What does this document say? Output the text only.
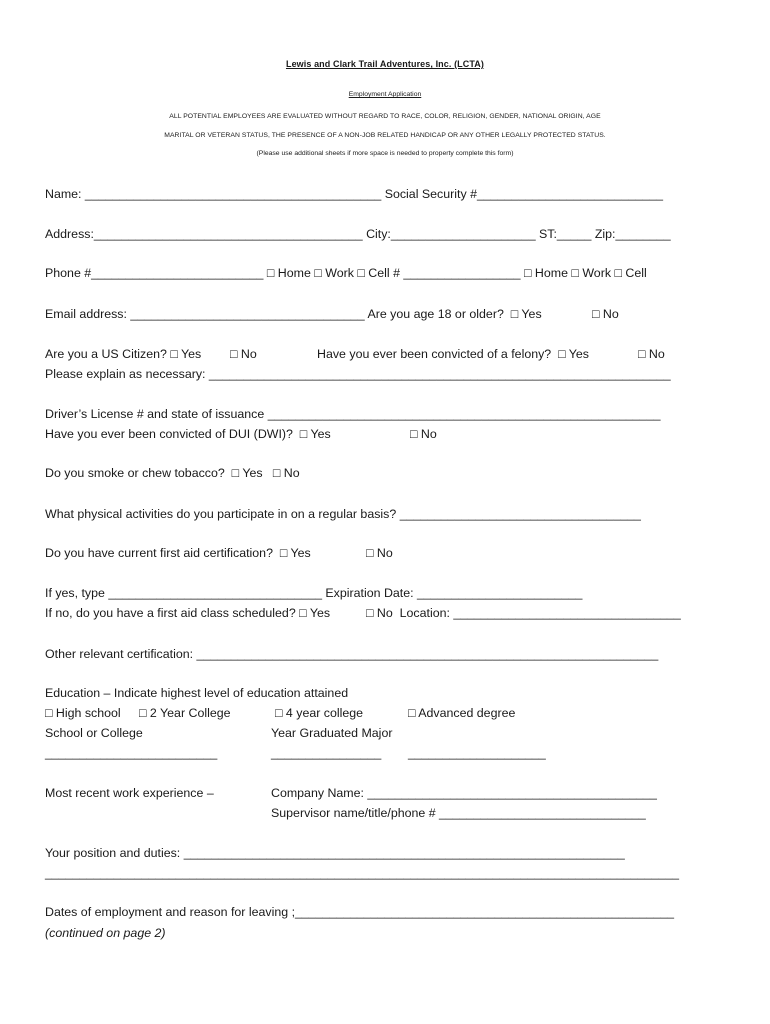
Lewis and Clark Trail Adventures, Inc. (LCTA)
Employment Application
ALL POTENTIAL EMPLOYEES ARE EVALUATED WITHOUT REGARD TO RACE, COLOR, RELIGION, GENDER, NATIONAL ORIGIN, AGE
MARITAL OR VETERAN STATUS, THE PRESENCE OF A NON-JOB RELATED HANDICAP OR ANY OTHER LEGALLY PROTECTED STATUS.
(Please use additional sheets if more space is needed to property complete this form)
Name: ___________________________________________ Social Security #___________________________
Address:_______________________________________ City:_____________________ ST:_____ Zip:________
Phone #_________________________ □ Home □ Work □ Cell # _________________ □ Home □ Work □ Cell
Email address: __________________________________ Are you age 18 or older?  □ Yes	□ No
Are you a US Citizen? □ Yes □ No	Have you ever been convicted of a felony?  □ Yes	□ No
Please explain as necessary: ___________________________________________________________________
Driver’s License # and state of issuance _________________________________________________________
Have you ever been convicted of DUI (DWI)?  □ Yes	□ No
Do you smoke or chew tobacco?  □ Yes   □ No
What physical activities do you participate in on a regular basis? ___________________________________
Do you have current first aid certification?  □ Yes	□ No
If yes, type _______________________________ Expiration Date: ________________________
If no, do you have a first aid class scheduled? □ Yes	□ No  Location: _________________________________
Other relevant certification: ___________________________________________________________________
Education – Indicate highest level of education attained
□ High school □ 2 Year College	□ 4 year college	□ Advanced degree
School or College	Year Graduated Major
_________________________	________________ ____________________
Most recent work experience –	Company Name: __________________________________________
Supervisor name/title/phone # ______________________________
Your position and duties: ________________________________________________________________
____________________________________________________________________________________________
Dates of employment and reason for leaving ;_______________________________________________________
(continued on page 2)
